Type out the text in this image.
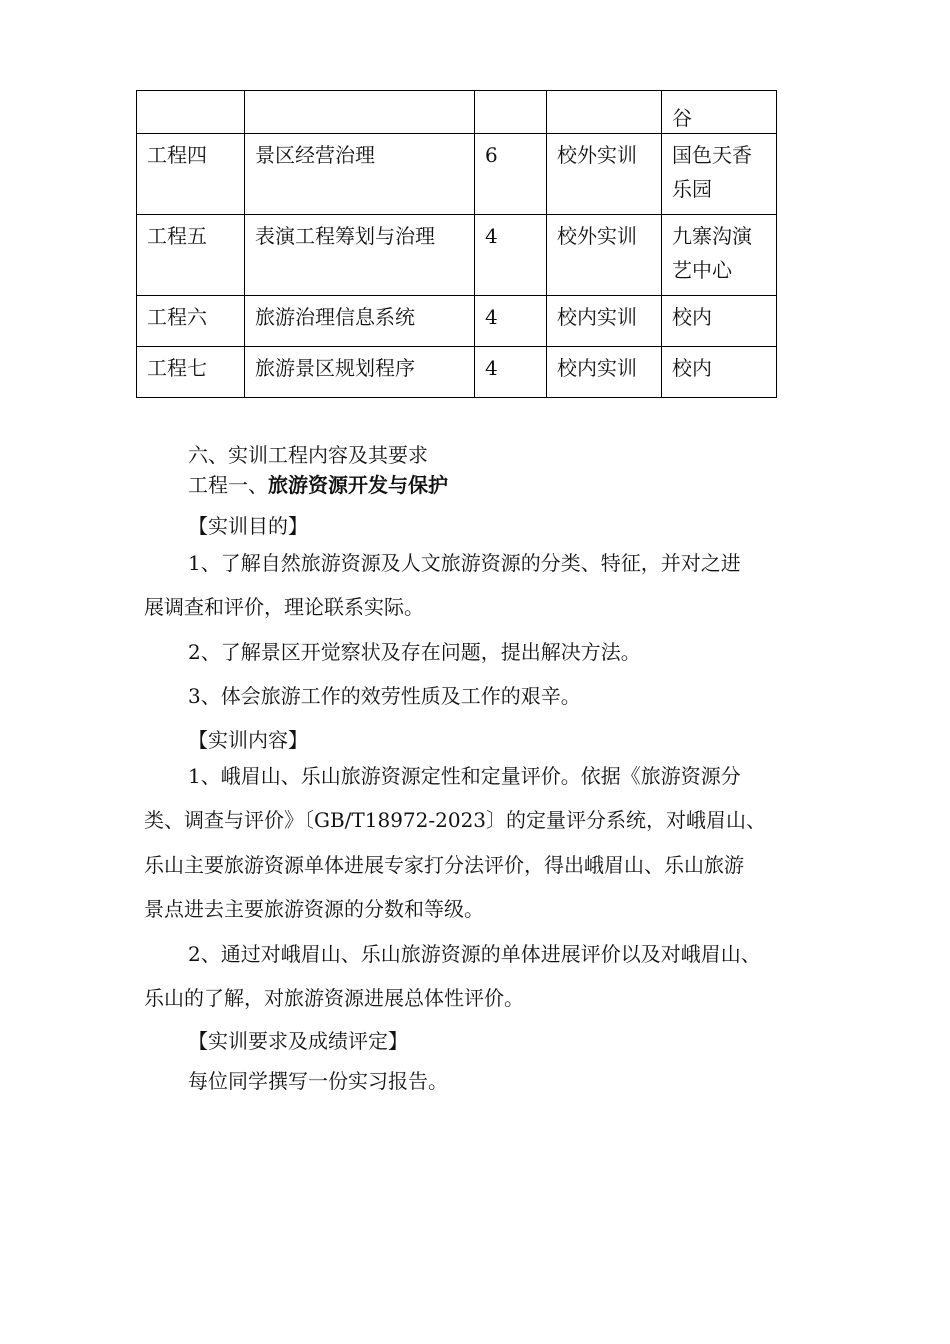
				谷
工程四	景区经营治理	6	校外实训	国色天香乐园
工程五	表演工程筹划与治理	4	校外实训	九寨沟演艺中心
工程六	旅游治理信息系统	4	校内实训	校内
工程七	旅游景区规划程序	4	校内实训	校内
六、实训工程内容及其要求
工程一、旅游资源开发与保护
【实训目的】
1、了解自然旅游资源及人文旅游资源的分类、特征，并对之进
展调查和评价，理论联系实际。
2、了解景区开觉察状及存在问题，提出解决方法。
3、体会旅游工作的效劳性质及工作的艰辛。
【实训内容】
1、峨眉山、乐山旅游资源定性和定量评价。依据《旅游资源分
类、调查与评价》〔GB/T18972-2023〕的定量评分系统，对峨眉山、
乐山主要旅游资源单体进展专家打分法评价，得出峨眉山、乐山旅游
景点进去主要旅游资源的分数和等级。
2、通过对峨眉山、乐山旅游资源的单体进展评价以及对峨眉山、
乐山的了解，对旅游资源进展总体性评价。
【实训要求及成绩评定】
每位同学撰写一份实习报告。
